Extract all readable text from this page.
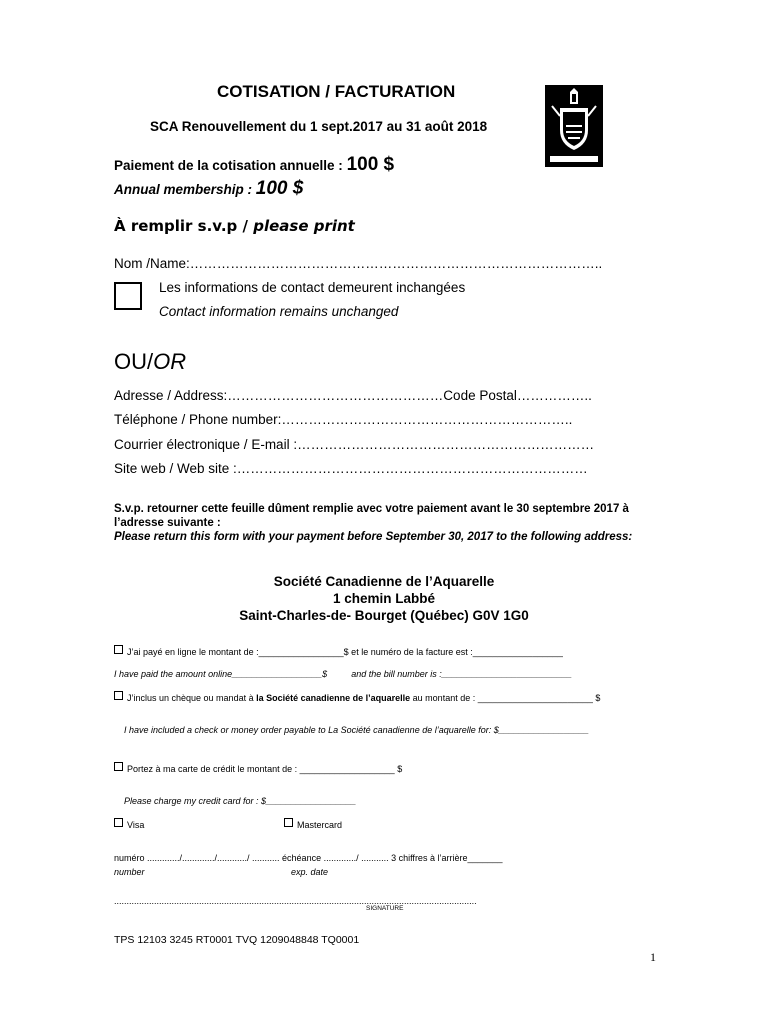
COTISATION / FACTURATION
SCA Renouvellement du 1 sept.2017 au 31 août 2018
Paiement de la cotisation annuelle : 100 $
Annual membership : 100 $
À remplir s.v.p / please print
Nom /Name:………………………………………………………………………………..
Les informations de contact demeurent inchangées
Contact information remains unchanged
OU/OR
Adresse / Address:…………………………………………Code Postal……………..
Téléphone / Phone number:………………………………………………………..
Courrier électronique / E-mail :…………………………………………………………
Site web / Web site :……………………………………………………………………
S.v.p. retourner cette feuille dûment remplie avec votre paiement avant le 30 septembre 2017 à l’adresse suivante :
Please return this form with your payment before September 30, 2017 to the following address:
Société Canadienne de l’Aquarelle
1 chemin Labbé
Saint-Charles-de- Bourget (Québec) G0V 1G0
J’ai payé en ligne le montant de :_________________$ et le numéro de la facture est :__________________
I have paid the amount online__________________$	and the bill number is :__________________________
J’inclus un chèque ou mandat à la Société canadienne de l’aquarelle au montant de : _______________________ $
I have included a check or money order payable to La Société canadienne de l’aquarelle for: $__________________
Portez à ma carte de crédit le montant de : ___________________ $
Please charge my credit card for : $__________________
Visa	Mastercard
numéro ............./............./............/ ........... échéance ............./ ........... 3 chiffres à l’arrière_______
number	exp. date
.................................................................................................................................................
SIGNATURE
TPS 12103 3245 RT0001 TVQ 1209048848 TQ0001
1
